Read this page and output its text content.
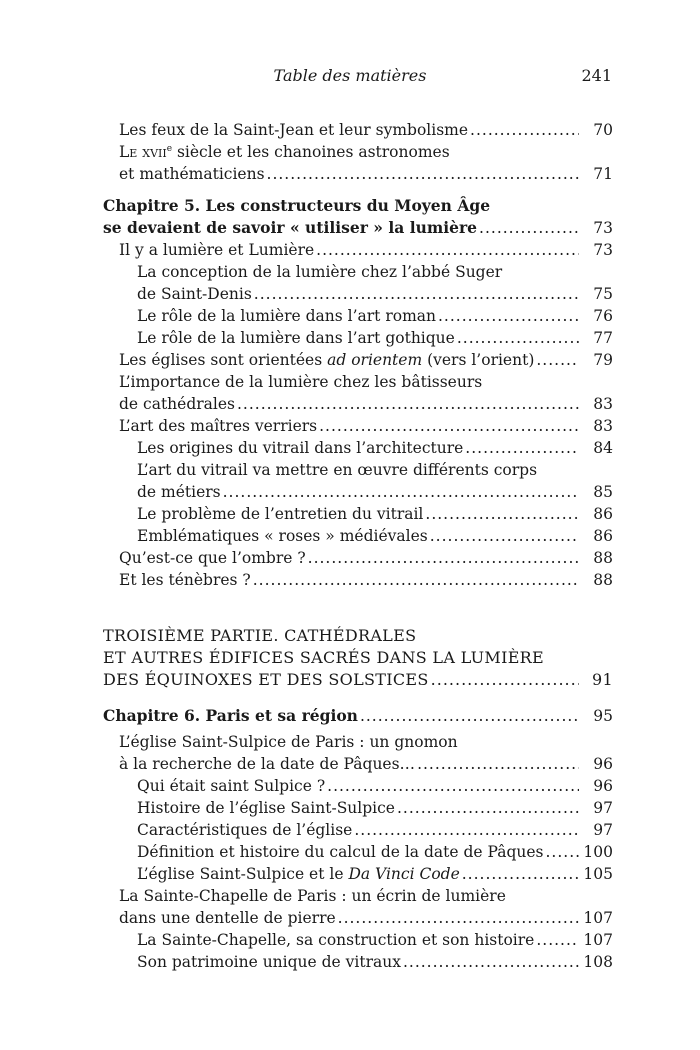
Table des matières	241
Les feux de la Saint-Jean et leur symbolisme .....	70
Le xvii$^e$ siècle et les chanoines astronomes
et mathématiciens .....	71
Chapitre 5. Les constructeurs du Moyen Âge
se devaient de savoir « utiliser » la lumière .....	73
Il y a lumière et Lumière .....	73
La conception de la lumière chez l’abbé Suger
de Saint-Denis .....	75
Le rôle de la lumière dans l’art roman .....	76
Le rôle de la lumière dans l’art gothique .....	77
Les églises sont orientées ad orientem (vers l’orient) .....	79
L’importance de la lumière chez les bâtisseurs
de cathédrales .....	83
L’art des maîtres verriers .....	83
Les origines du vitrail dans l’architecture .....	84
L’art du vitrail va mettre en œuvre différents corps
de métiers .....	85
Le problème de l’entretien du vitrail .....	86
Emblématiques « roses » médiévales .....	86
Qu’est-ce que l’ombre ? .....	88
Et les ténèbres ? .....	88
TROISIÈME PARTIE. CATHÉDRALES
ET AUTRES ÉDIFICES SACRÉS DANS LA LUMIÈRE
DES ÉQUINOXES ET DES SOLSTICES .....	91
Chapitre 6. Paris et sa région .....	95
L’église Saint-Sulpice de Paris : un gnomon
à la recherche de la date de Pâques… .....	96
Qui était saint Sulpice ? .....	96
Histoire de l’église Saint-Sulpice .....	97
Caractéristiques de l’église .....	97
Définition et histoire du calcul de la date de Pâques .....	100
L’église Saint-Sulpice et le Da Vinci Code .....	105
La Sainte-Chapelle de Paris : un écrin de lumière
dans une dentelle de pierre .....	107
La Sainte-Chapelle, sa construction et son histoire .....	107
Son patrimoine unique de vitraux .....	108
